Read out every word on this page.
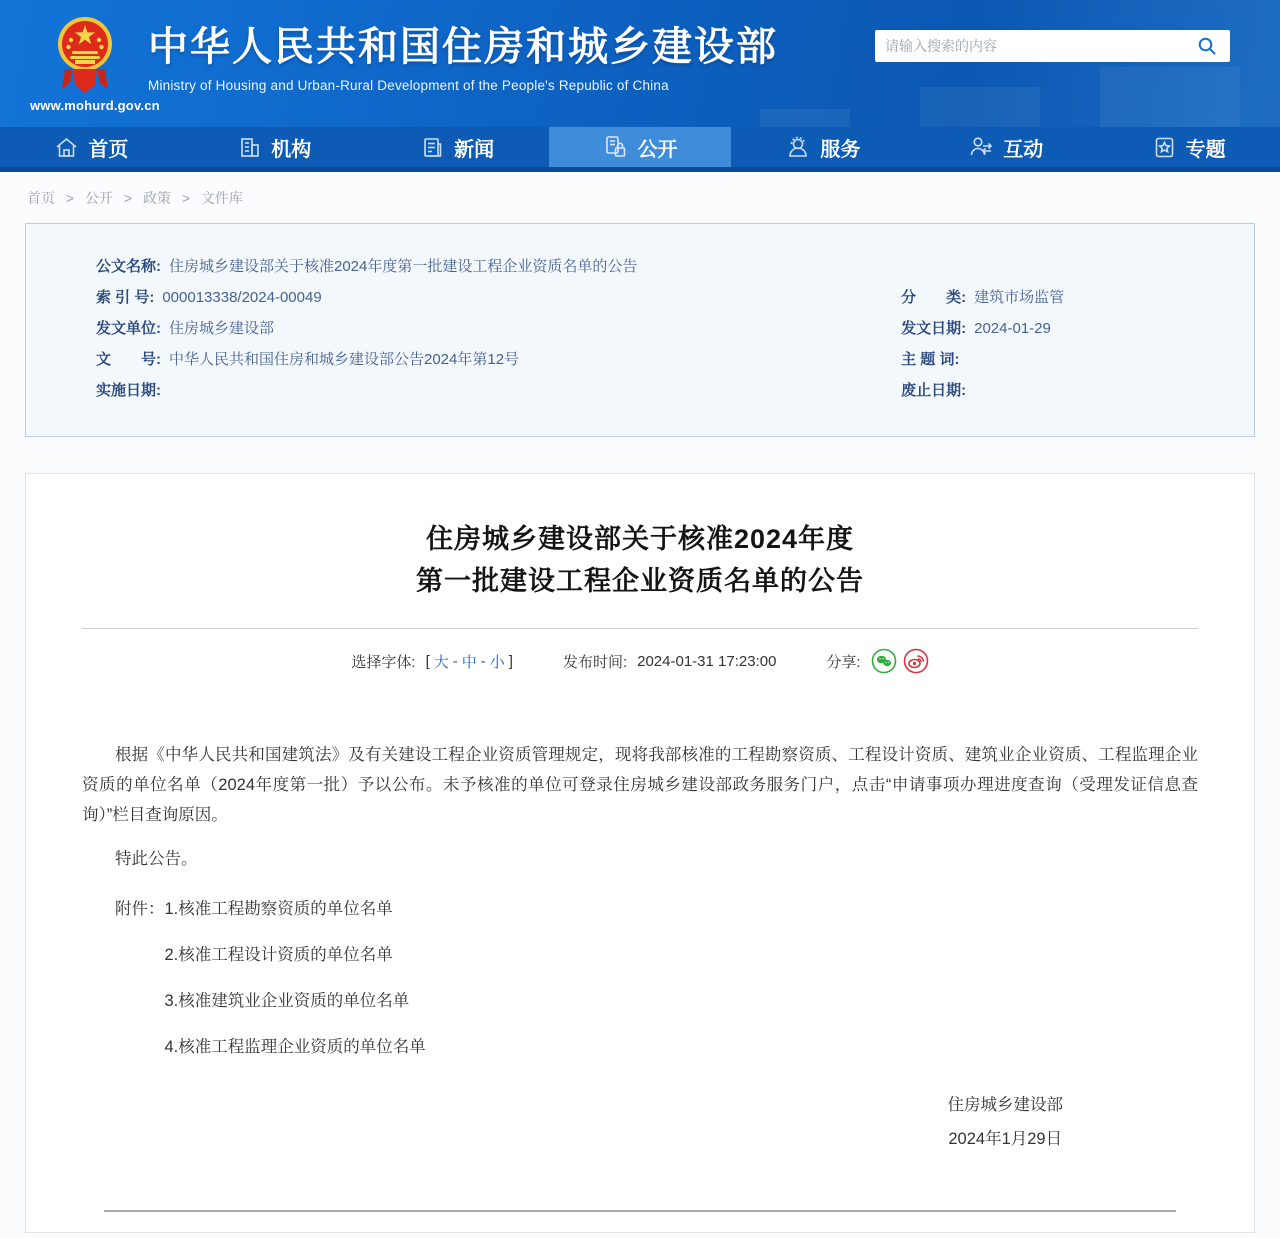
www.mohurd.gov.cn
中华人民共和国住房和城乡建设部
Ministry of Housing and Urban-Rural Development of the People's Republic of China
请输入搜索的内容
首页	机构	新闻	公开	服务	互动	专题
首页 > 公开 > 政策 > 文件库
公文名称: 住房城乡建设部关于核准2024年度第一批建设工程企业资质名单的公告
索 引 号: 000013338/2024-00049	分　　类: 建筑市场监管
发文单位: 住房城乡建设部	发文日期: 2024-01-29
文　　号: 中华人民共和国住房和城乡建设部公告2024年第12号	主 题 词:
实施日期:	废止日期:
住房城乡建设部关于核准2024年度
第一批建设工程企业资质名单的公告
选择字体: [ 大 - 中 - 小 ]	发布时间: 2024-01-31 17:23:00	分享:

根据《中华人民共和国建筑法》及有关建设工程企业资质管理规定，现将我部核准的工程勘察资质、工程设计资质、建筑业企业资质、工程监理企业资质的单位名单（2024年度第一批）予以公布。未予核准的单位可登录住房城乡建设部政务服务门户，点击“申请事项办理进度查询（受理发证信息查询）”栏目查询原因。

特此公告。

附件：1.核准工程勘察资质的单位名单
2.核准工程设计资质的单位名单
3.核准建筑业企业资质的单位名单
4.核准工程监理企业资质的单位名单
住房城乡建设部
2024年1月29日
